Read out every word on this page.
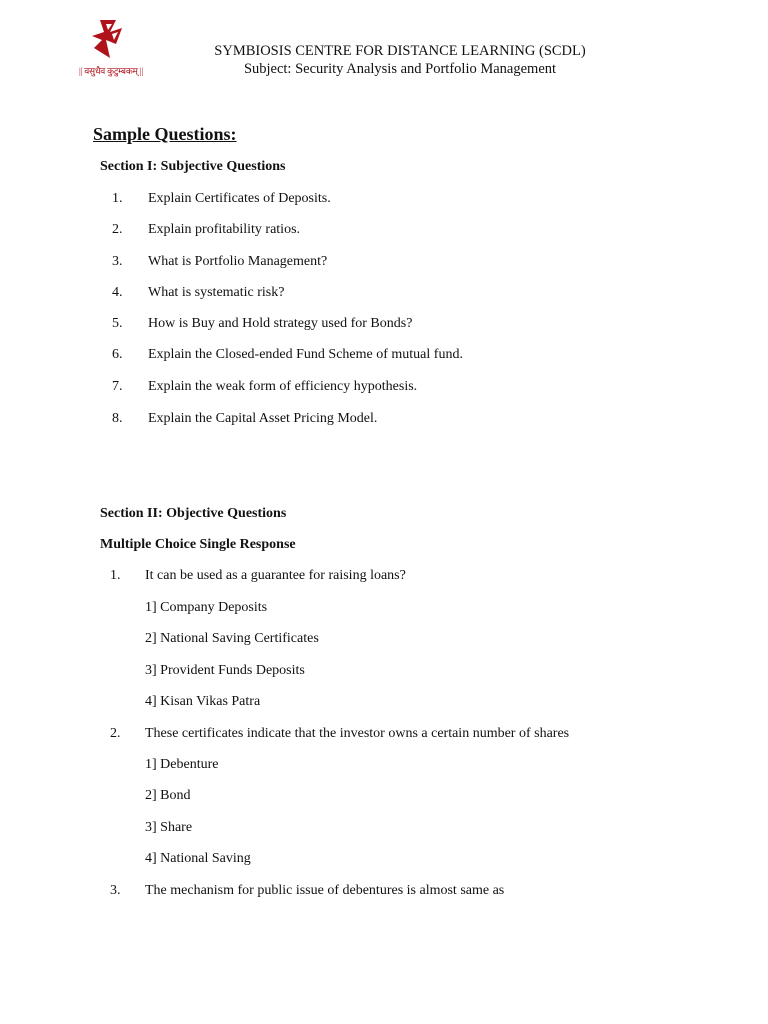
|| वसुधैव कुटुम्बकम् ||
SYMBIOSIS CENTRE FOR DISTANCE LEARNING (SCDL)
Subject: Security Analysis and Portfolio Management
Sample Questions:
Section I: Subjective Questions
1. Explain Certificates of Deposits.
2. Explain profitability ratios.
3. What is Portfolio Management?
4. What is systematic risk?
5. How is Buy and Hold strategy used for Bonds?
6. Explain the Closed-ended Fund Scheme of mutual fund.
7. Explain the weak form of efficiency hypothesis.
8. Explain the Capital Asset Pricing Model.
Section II: Objective Questions
Multiple Choice Single Response
1. It can be used as a guarantee for raising loans?
1] Company Deposits
2] National Saving Certificates
3] Provident Funds Deposits
4] Kisan Vikas Patra
2. These certificates indicate that the investor owns a certain number of shares
1] Debenture
2] Bond
3] Share
4] National Saving
3. The mechanism for public issue of debentures is almost same as
